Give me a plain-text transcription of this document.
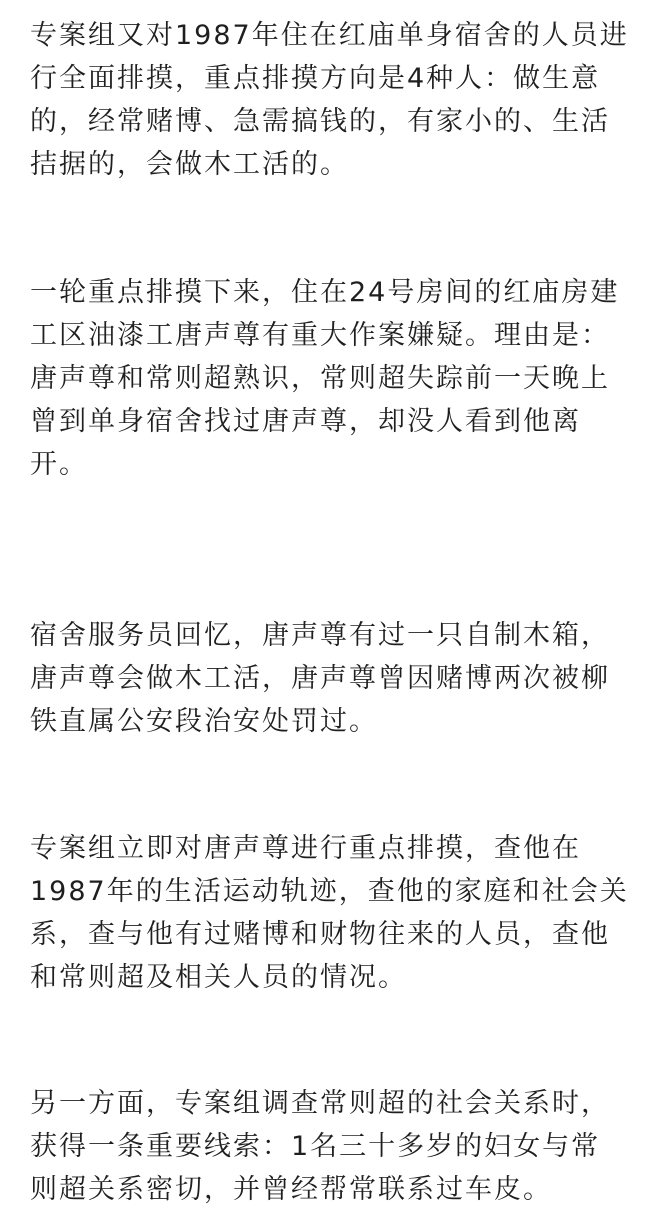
专案组又对1987年住在红庙单身宿舍的人员进
行全面排摸，重点排摸方向是4种人：做生意
的，经常赌博、急需搞钱的，有家小的、生活
拮据的，会做木工活的。

一轮重点排摸下来，住在24号房间的红庙房建
工区油漆工唐声尊有重大作案嫌疑。理由是：
唐声尊和常则超熟识，常则超失踪前一天晚上
曾到单身宿舍找过唐声尊，却没人看到他离
开。

宿舍服务员回忆，唐声尊有过一只自制木箱，
唐声尊会做木工活，唐声尊曾因赌博两次被柳
铁直属公安段治安处罚过。

专案组立即对唐声尊进行重点排摸，查他在
1987年的生活运动轨迹，查他的家庭和社会关
系，查与他有过赌博和财物往来的人员，查他
和常则超及相关人员的情况。

另一方面，专案组调查常则超的社会关系时，
获得一条重要线索：1名三十多岁的妇女与常
则超关系密切，并曾经帮常联系过车皮。
